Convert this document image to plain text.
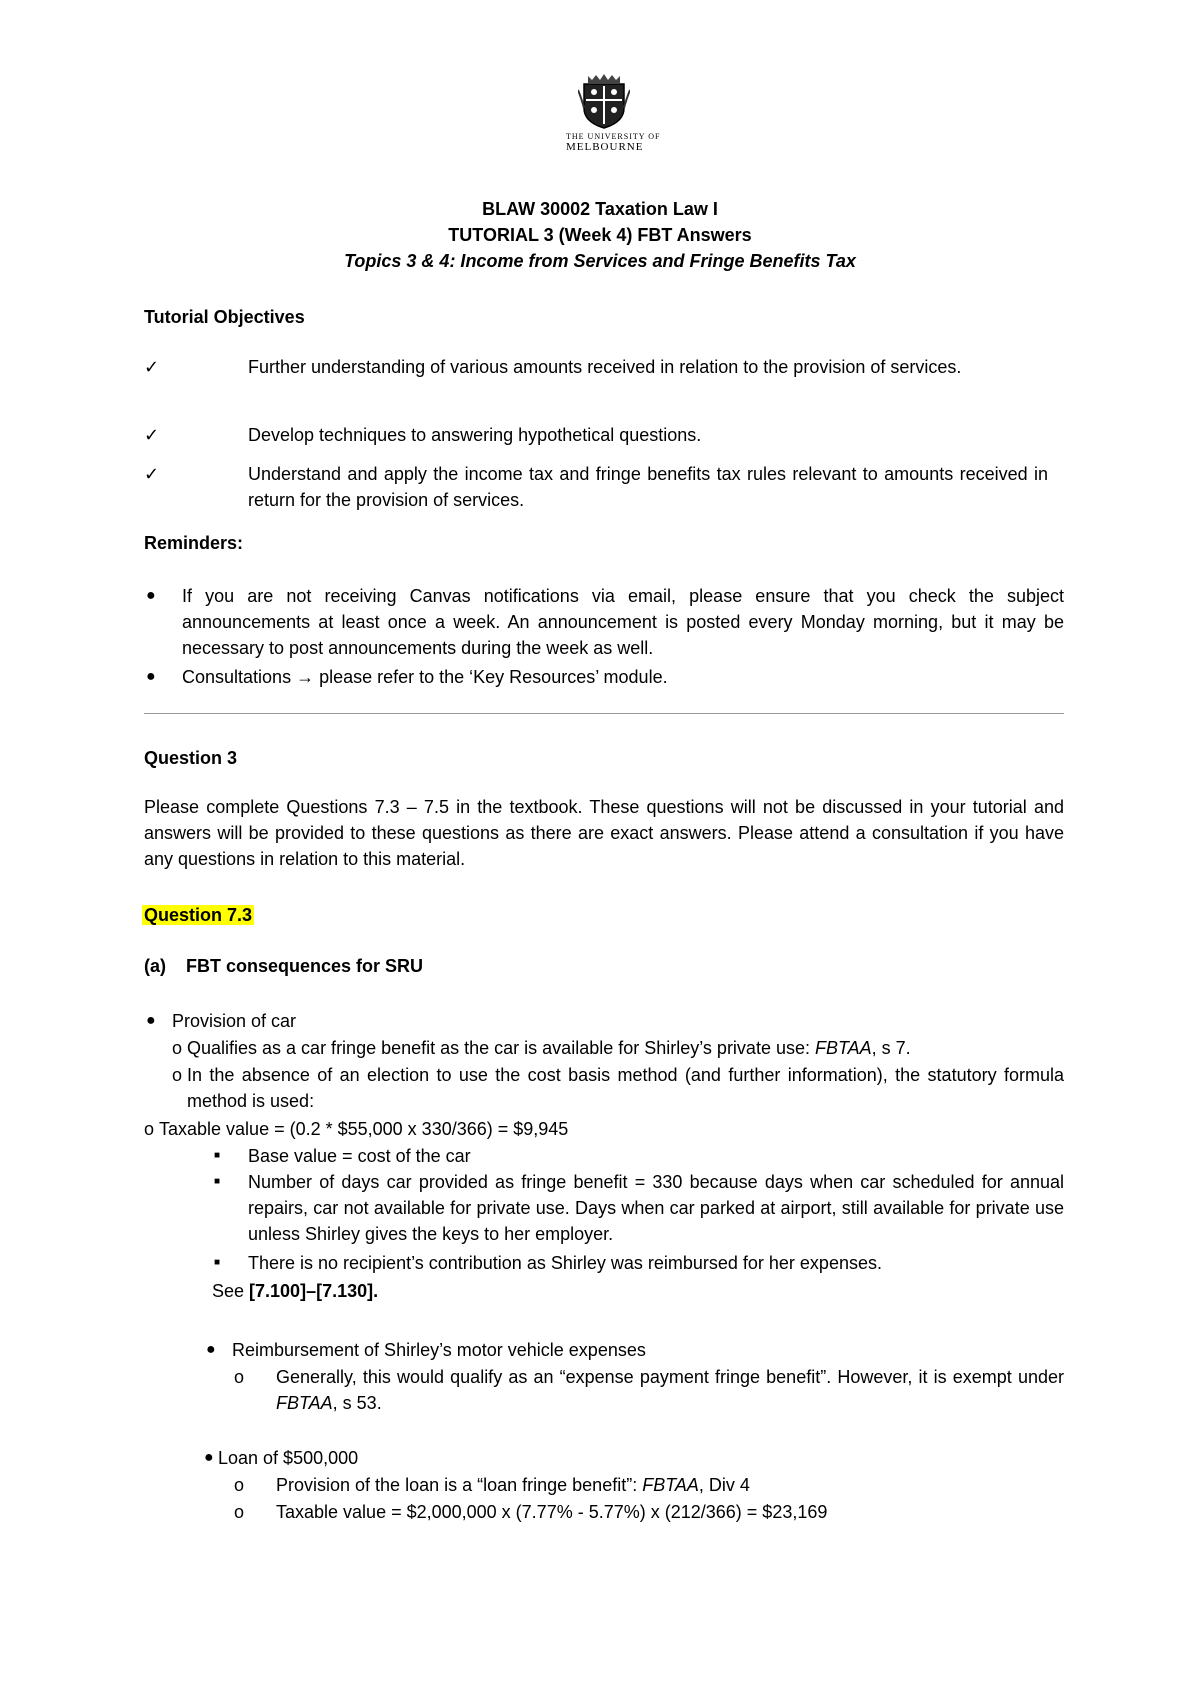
THE UNIVERSITY OF
MELBOURNE
BLAW 30002 Taxation Law I
TUTORIAL 3 (Week 4) FBT Answers
Topics 3 & 4: Income from Services and Fringe Benefits Tax
Tutorial Objectives
✓	Further understanding of various amounts received in relation to the provision of services.
✓	Develop techniques to answering hypothetical questions.
✓	Understand and apply the income tax and fringe benefits tax rules relevant to amounts received in return for the provision of services.
Reminders:
● If you are not receiving Canvas notifications via email, please ensure that you check the subject announcements at least once a week. An announcement is posted every Monday morning, but it may be necessary to post announcements during the week as well.
● Consultations → please refer to the ‘Key Resources’ module.
Question 3
Please complete Questions 7.3 – 7.5 in the textbook. These questions will not be discussed in your tutorial and answers will be provided to these questions as there are exact answers. Please attend a consultation if you have any questions in relation to this material.
Question 7.3
(a)    FBT consequences for SRU
● Provision of car
o Qualifies as a car fringe benefit as the car is available for Shirley’s private use: FBTAA, s 7.
o In the absence of an election to use the cost basis method (and further information), the statutory formula method is used:
o Taxable value = (0.2 * $55,000 x 330/366) = $9,945
■ Base value = cost of the car
■ Number of days car provided as fringe benefit = 330 because days when car scheduled for annual repairs, car not available for private use. Days when car parked at airport, still available for private use unless Shirley gives the keys to her employer.
■ There is no recipient’s contribution as Shirley was reimbursed for her expenses.
See [7.100]–[7.130].
● Reimbursement of Shirley’s motor vehicle expenses
o Generally, this would qualify as an “expense payment fringe benefit”. However, it is exempt under FBTAA, s 53.
● Loan of $500,000
o Provision of the loan is a “loan fringe benefit”: FBTAA, Div 4
o Taxable value = $2,000,000 x (7.77% - 5.77%) x (212/366) = $23,169
